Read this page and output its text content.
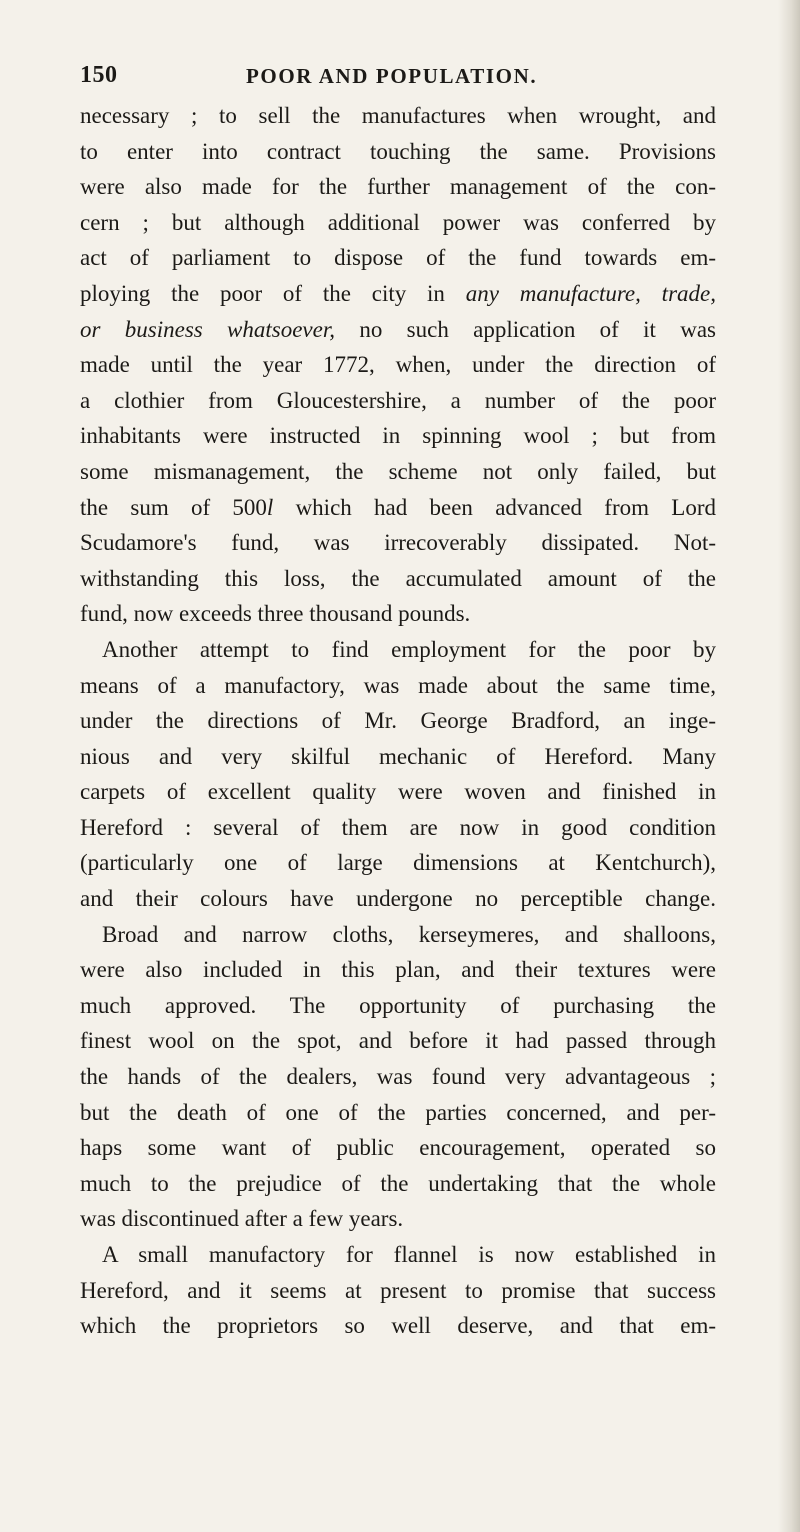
150	POOR AND POPULATION.
necessary ; to sell the manufactures when wrought, and
to enter into contract touching the same. Provisions
were also made for the further management of the con-
cern ; but although additional power was conferred by
act of parliament to dispose of the fund towards em-
ploying the poor of the city in any manufacture, trade,
or business whatsoever, no such application of it was
made until the year 1772, when, under the direction of
a clothier from Gloucestershire, a number of the poor
inhabitants were instructed in spinning wool ; but from
some mismanagement, the scheme not only failed, but
the sum of 500l which had been advanced from Lord
Scudamore's fund, was irrecoverably dissipated. Not-
withstanding this loss, the accumulated amount of the
fund, now exceeds three thousand pounds.
Another attempt to find employment for the poor by
means of a manufactory, was made about the same time,
under the directions of Mr. George Bradford, an inge-
nious and very skilful mechanic of Hereford. Many
carpets of excellent quality were woven and finished in
Hereford : several of them are now in good condition
(particularly one of large dimensions at Kentchurch),
and their colours have undergone no perceptible change.
Broad and narrow cloths, kerseymeres, and shalloons,
were also included in this plan, and their textures were
much approved. The opportunity of purchasing the
finest wool on the spot, and before it had passed through
the hands of the dealers, was found very advantageous ;
but the death of one of the parties concerned, and per-
haps some want of public encouragement, operated so
much to the prejudice of the undertaking that the whole
was discontinued after a few years.
A small manufactory for flannel is now established in
Hereford, and it seems at present to promise that success
which the proprietors so well deserve, and that em-
